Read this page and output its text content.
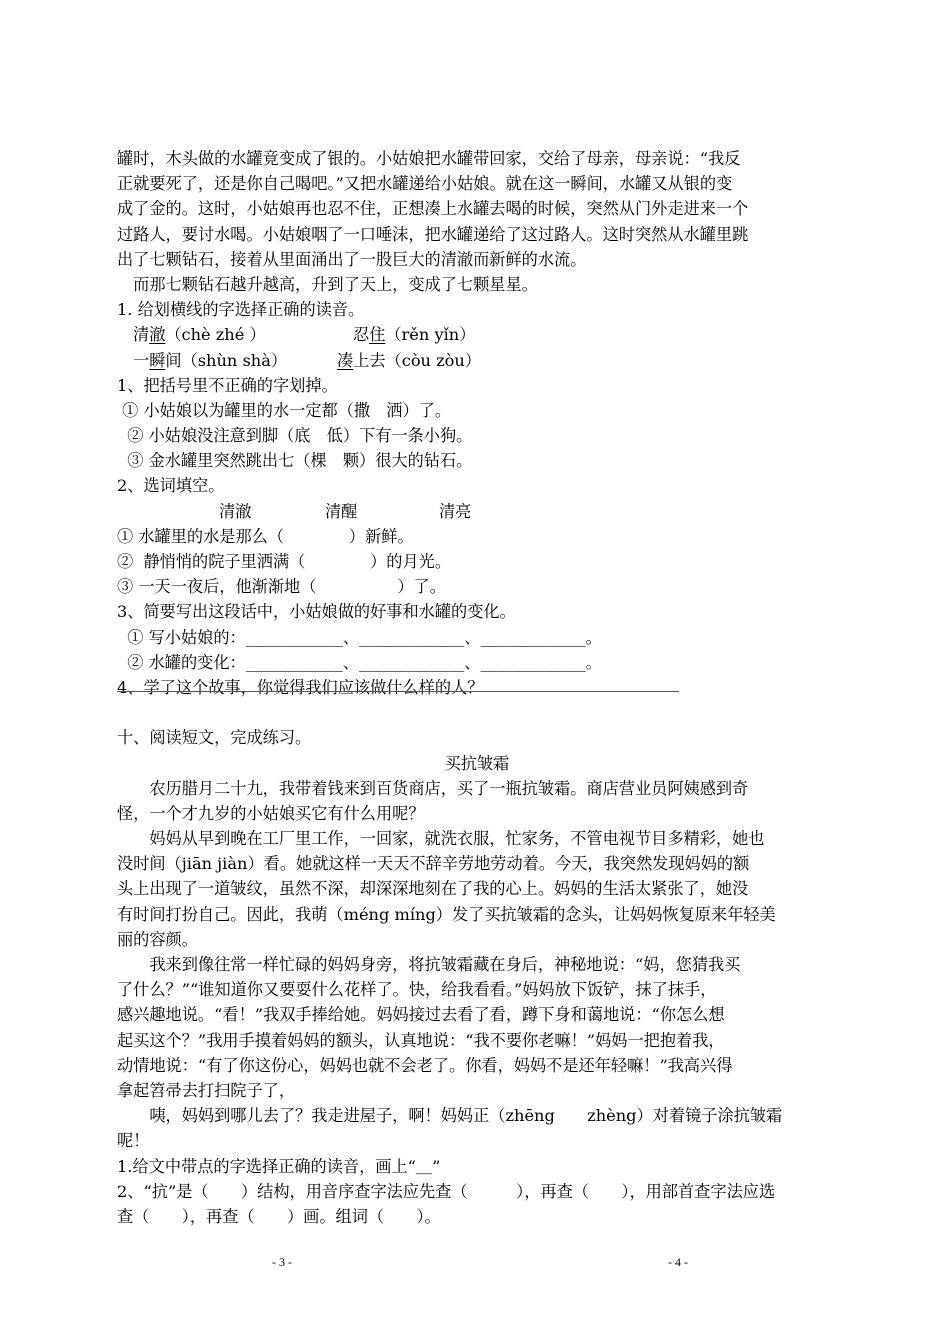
罐时，木头做的水罐竟变成了银的。小姑娘把水罐带回家，交给了母亲，母亲说：“我反
正就要死了，还是你自己喝吧。”又把水罐递给小姑娘。就在这一瞬间，水罐又从银的变
成了金的。这时，小姑娘再也忍不住，正想凑上水罐去喝的时候，突然从门外走进来一个
过路人，要讨水喝。小姑娘咽了一口唾沫，把水罐递给了这过路人。这时突然从水罐里跳
出了七颗钻石，接着从里面涌出了一股巨大的清澈而新鲜的水流。
　而那七颗钻石越升越高，升到了天上，变成了七颗星星。
1. 给划横线的字选择正确的读音。
清澈（chè zhé ）	忍住（rěn yǐn）
一瞬间（shùn shà）	凑上去（còu zòu）
1、把括号里不正确的字划掉。
① 小姑娘以为罐里的水一定都（撒　洒）了。
② 小姑娘没注意到脚（底　低）下有一条小狗。
③ 金水罐里突然跳出七（棵　颗）很大的钻石。
2、选词填空。
清澈	清醒	清亮
① 水罐里的水是那么（　　　　）新鲜。
②  静悄悄的院子里洒满（　　　　）的月光。
③ 一天一夜后，他渐渐地（　　　　　）了。
3、简要写出这段话中，小姑娘做的好事和水罐的变化。
① 写小姑娘的：____________、_____________、_____________。
② 水罐的变化：____________、_____________、_____________。
4、学了这个故事，你觉得我们应该做什么样的人？
十、阅读短文，完成练习。
买抗皱霜
　　农历腊月二十九，我带着钱来到百货商店，买了一瓶抗皱霜。商店营业员阿姨感到奇
怪，一个才九岁的小姑娘买它有什么用呢？
　　妈妈从早到晚在工厂里工作，一回家，就洗衣服，忙家务，不管电视节目多精彩，她也
没时间（jiān jiàn）看。她就这样一天天不辞辛劳地劳动着。今天，我突然发现妈妈的额
头上出现了一道皱纹，虽然不深，却深深地刻在了我的心上。妈妈的生活太紧张了，她没
有时间打扮自己。因此，我萌（méng míng）发了买抗皱霜的念头，让妈妈恢复原来年轻美
丽的容颜。
　　我来到像往常一样忙碌的妈妈身旁，将抗皱霜藏在身后，神秘地说：“妈，您猜我买
了什么？”“谁知道你又要耍什么花样了。快，给我看看。”妈妈放下饭铲，抹了抹手，
感兴趣地说。“看！”我双手捧给她。妈妈接过去看了看，蹲下身和蔼地说：“你怎么想
起买这个？”我用手摸着妈妈的额头，认真地说：“我不要你老嘛！”妈妈一把抱着我，
动情地说：“有了你这份心，妈妈也就不会老了。你看，妈妈不是还年轻嘛！”我高兴得
拿起笤帚去打扫院子了，
　　咦，妈妈到哪儿去了？我走进屋子，啊！妈妈正（zhēng　　zhèng）对着镜子涂抗皱霜
呢！
1.给文中带点的字选择正确的读音，画上“＿”
2、“抗”是（　　）结构，用音序查字法应先查（　　　），再查（　　），用部首查字法应选
查（　　），再查（　　）画。组词（　　）。
- 3 -	- 4 -
